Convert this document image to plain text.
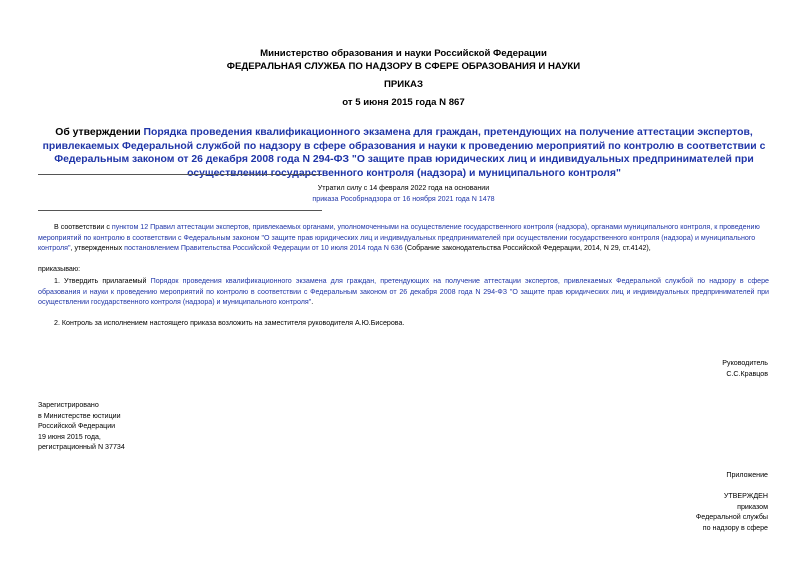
Министерство образования и науки Российской Федерации

ФЕДЕРАЛЬНАЯ СЛУЖБА ПО НАДЗОРУ В СФЕРЕ ОБРАЗОВАНИЯ И НАУКИ

ПРИКАЗ
от 5 июня 2015 года N 867
Об утверждении Порядка проведения квалификационного экзамена для граждан, претендующих на получение аттестации экспертов, привлекаемых Федеральной службой по надзору в сфере образования и науки к проведению мероприятий по контролю в соответствии с Федеральным законом от 26 декабря 2008 года N 294-ФЗ "О защите прав юридических лиц и индивидуальных предпринимателей при осуществлении государственного контроля (надзора) и муниципального контроля"

Утратил силу с 14 февраля 2022 года на основании

приказа Рособрнадзора от 16 ноября 2021 года N 1478

В соответствии с пунктом 12 Правил аттестации экспертов, привлекаемых органами, уполномоченными на осуществление государственного контроля (надзора), органами муниципального контроля, к проведению мероприятий по контролю в соответствии с Федеральным законом "О защите прав юридических лиц и индивидуальных предпринимателей при осуществлении государственного контроля (надзора) и муниципального контроля", утвержденных постановлением Правительства Российской Федерации от 10 июля 2014 года N 636 (Собрание законодательства Российской Федерации, 2014, N 29, ст.4142),
приказываю:
1. Утвердить прилагаемый Порядок проведения квалификационного экзамена для граждан, претендующих на получение аттестации экспертов, привлекаемых Федеральной службой по надзору в сфере образования и науки к проведению мероприятий по контролю в соответствии с Федеральным законом от 26 декабря 2008 года N 294-ФЗ "О защите прав юридических лиц и индивидуальных предпринимателей при осуществлении государственного контроля (надзора) и муниципального контроля".
2. Контроль за исполнением настоящего приказа возложить на заместителя руководителя А.Ю.Бисерова.

Руководитель

С.С.Кравцов

Зарегистрировано

в Министерстве юстиции

Российской Федерации

19 июня 2015 года,

регистрационный N 37734

Приложение

УТВЕРЖДЕН

приказом

Федеральной службы

по надзору в сфере
